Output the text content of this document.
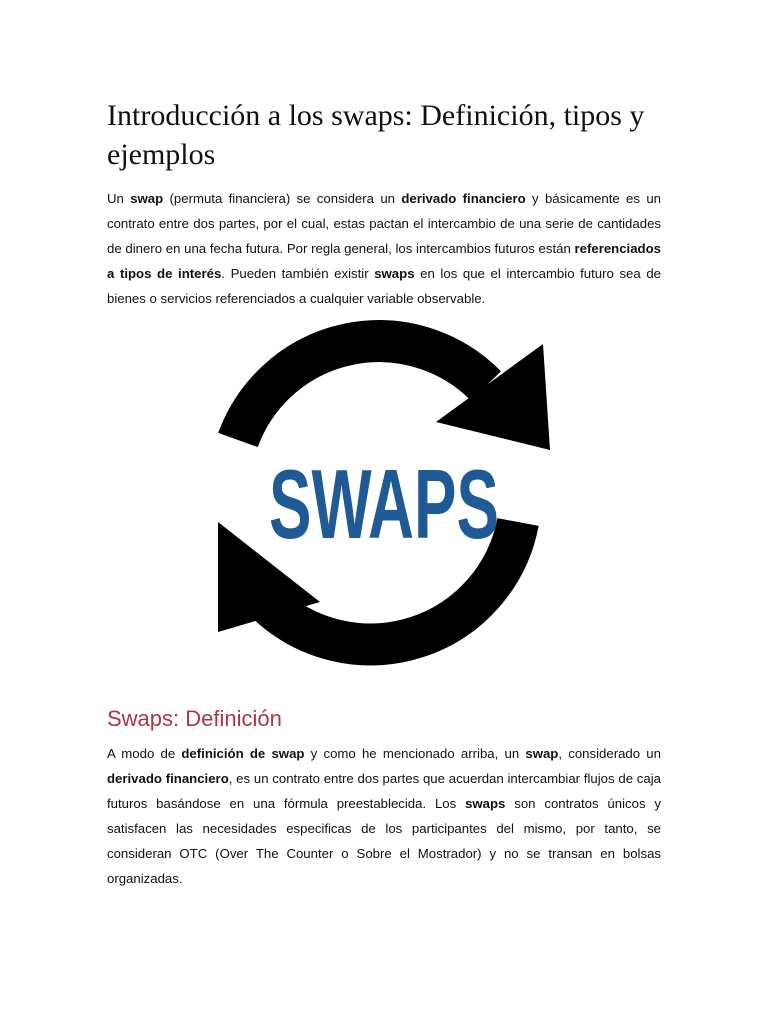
Introducción a los swaps: Definición, tipos y ejemplos

Un swap (permuta financiera) se considera un derivado financiero y básicamente es un contrato entre dos partes, por el cual, estas pactan el intercambio de una serie de cantidades de dinero en una fecha futura. Por regla general, los intercambios futuros están referenciados a tipos de interés. Pueden también existir swaps en los que el intercambio futuro sea de bienes o servicios referenciados a cualquier variable observable.

SWAPS
Swaps: Definición

A modo de definición de swap y como he mencionado arriba, un swap, considerado un derivado financiero, es un contrato entre dos partes que acuerdan intercambiar flujos de caja futuros basándose en una fórmula preestablecida. Los swaps son contratos únicos y satisfacen las necesidades especificas de los participantes del mismo, por tanto, se consideran OTC (Over The Counter o Sobre el Mostrador) y no se transan en bolsas organizadas.
